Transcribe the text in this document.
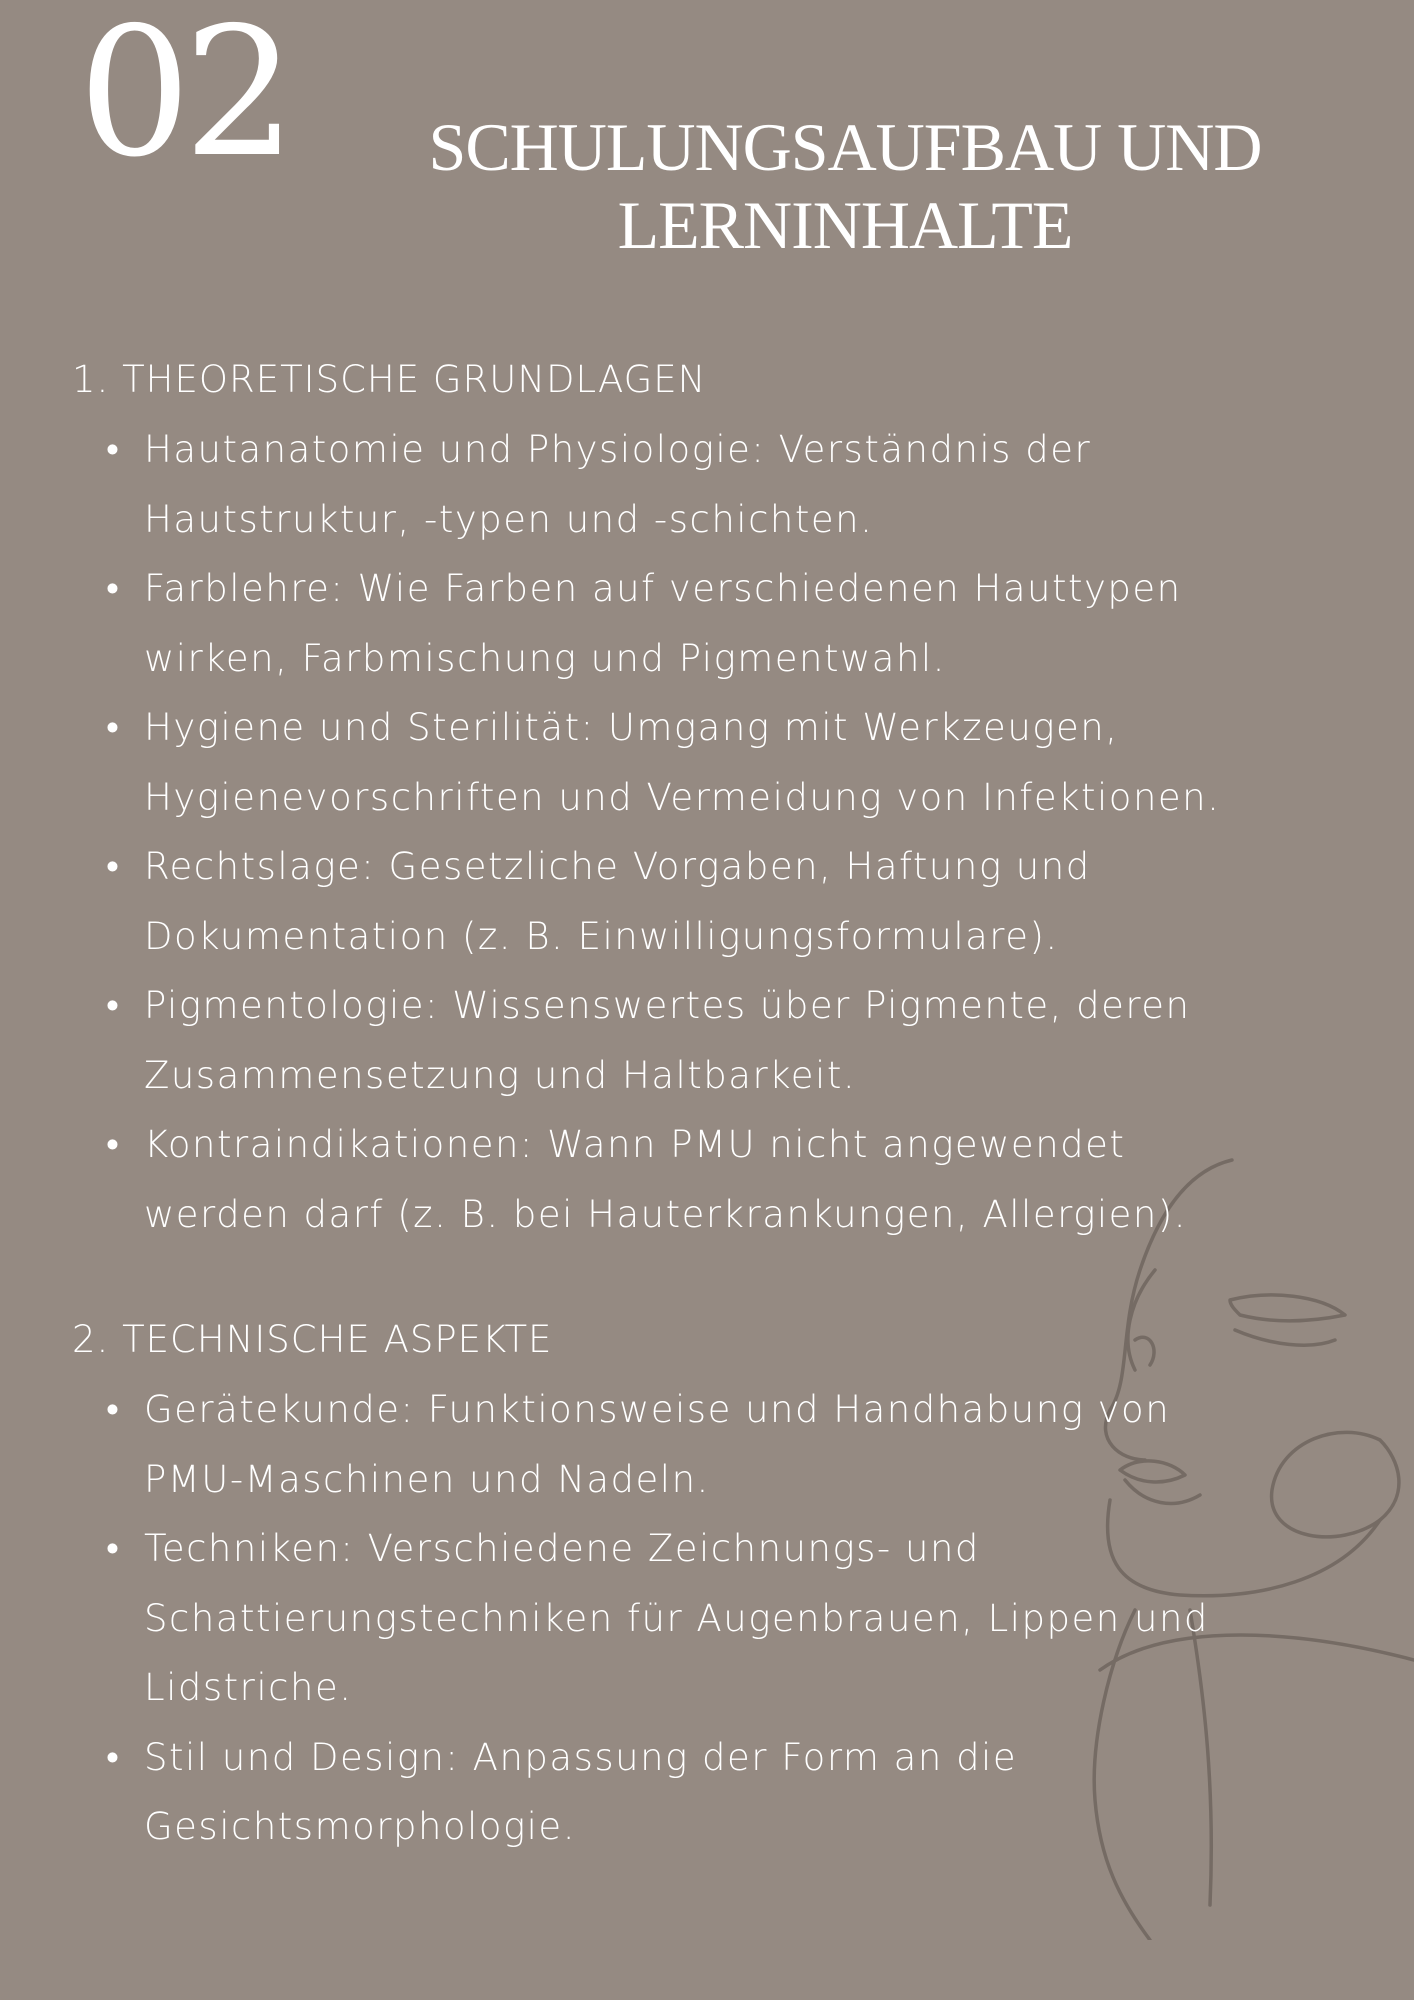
02 SCHULUNGSAUFBAU UND
LERNINHALTE
1. THEORETISCHE GRUNDLAGEN
• Hautanatomie und Physiologie: Verständnis der
Hautstruktur, -typen und -schichten.
• Farblehre: Wie Farben auf verschiedenen Hauttypen
wirken, Farbmischung und Pigmentwahl.
• Hygiene und Sterilität: Umgang mit Werkzeugen,
Hygienevorschriften und Vermeidung von Infektionen.
• Rechtslage: Gesetzliche Vorgaben, Haftung und
Dokumentation (z. B. Einwilligungsformulare).
• Pigmentologie: Wissenswertes über Pigmente, deren
Zusammensetzung und Haltbarkeit.
• Kontraindikationen: Wann PMU nicht angewendet
werden darf (z. B. bei Hauterkrankungen, Allergien).
2. TECHNISCHE ASPEKTE
• Gerätekunde: Funktionsweise und Handhabung von
PMU-Maschinen und Nadeln.
• Techniken: Verschiedene Zeichnungs- und
Schattierungstechniken für Augenbrauen, Lippen und
Lidstriche.
• Stil und Design: Anpassung der Form an die
Gesichtsmorphologie.
